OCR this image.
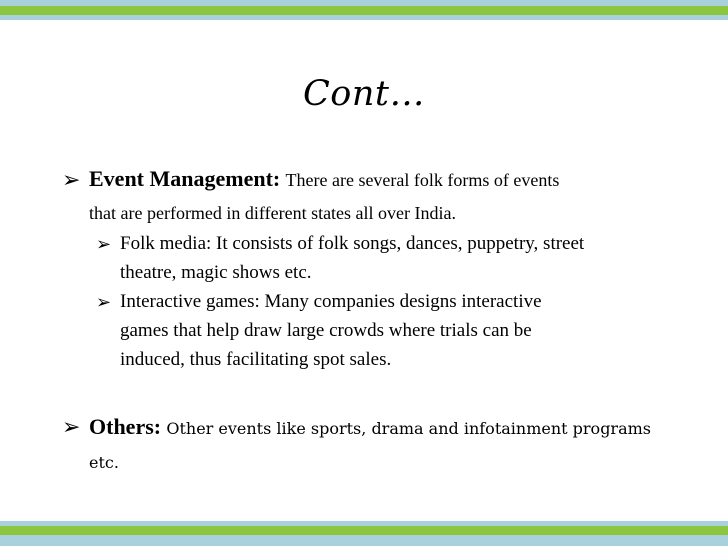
Cont…
➢ Event Management: There are several folk forms of events
that are performed in different states all over India.
➢ Folk media: It consists of folk songs, dances, puppetry, street
theatre, magic shows etc.
➢ Interactive games: Many companies designs interactive
games that help draw large crowds where trials can be
induced, thus facilitating spot sales.
➢ Others: Other events like sports, drama and infotainment programs
etc.
